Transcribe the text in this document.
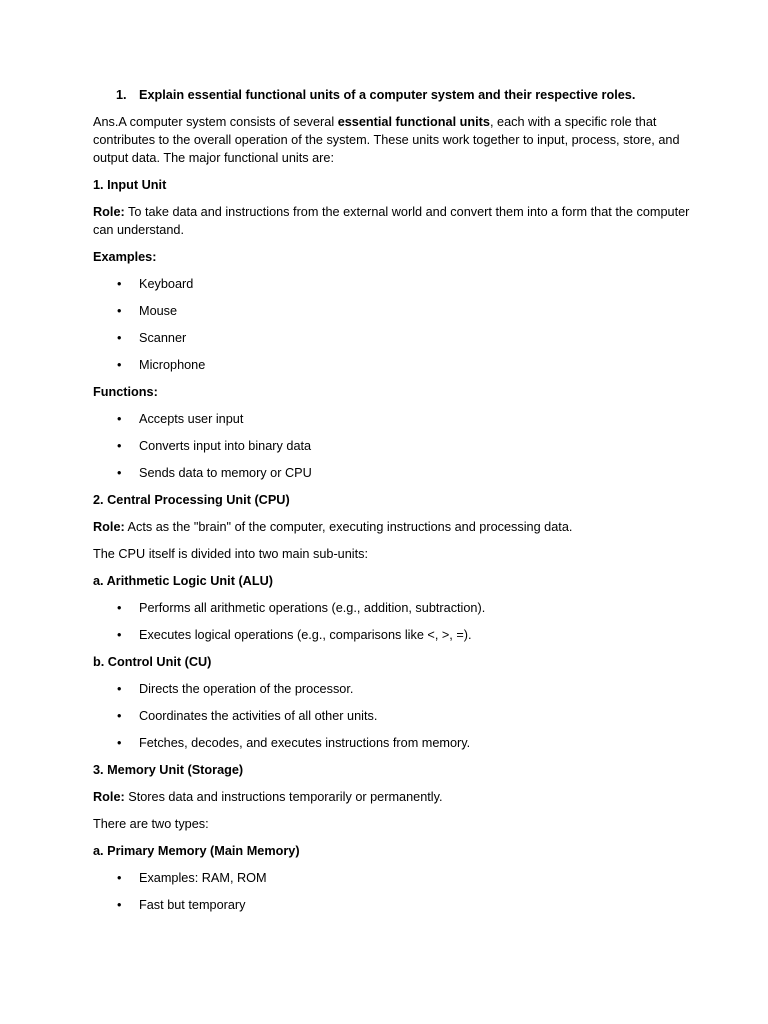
1. Explain essential functional units of a computer system and their respective roles.
Ans.A computer system consists of several essential functional units, each with a specific role that contributes to the overall operation of the system. These units work together to input, process, store, and output data. The major functional units are:
1. Input Unit
Role: To take data and instructions from the external world and convert them into a form that the computer can understand.
Examples:
• Keyboard
• Mouse
• Scanner
• Microphone
Functions:
• Accepts user input
• Converts input into binary data
• Sends data to memory or CPU
2. Central Processing Unit (CPU)
Role: Acts as the "brain" of the computer, executing instructions and processing data.
The CPU itself is divided into two main sub-units:
a. Arithmetic Logic Unit (ALU)
• Performs all arithmetic operations (e.g., addition, subtraction).
• Executes logical operations (e.g., comparisons like <, >, =).
b. Control Unit (CU)
• Directs the operation of the processor.
• Coordinates the activities of all other units.
• Fetches, decodes, and executes instructions from memory.
3. Memory Unit (Storage)
Role: Stores data and instructions temporarily or permanently.
There are two types:
a. Primary Memory (Main Memory)
• Examples: RAM, ROM
• Fast but temporary
